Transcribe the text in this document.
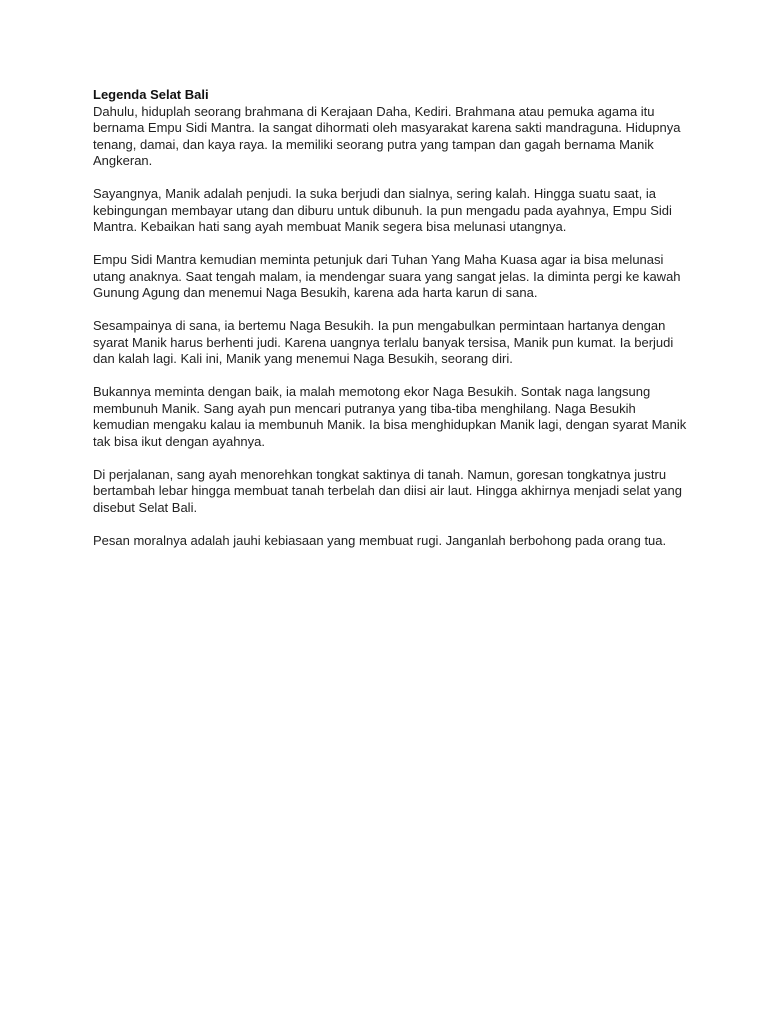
Legenda Selat Bali

Dahulu, hiduplah seorang brahmana di Kerajaan Daha, Kediri. Brahmana atau pemuka agama itu bernama Empu Sidi Mantra. Ia sangat dihormati oleh masyarakat karena sakti mandraguna. Hidupnya tenang, damai, dan kaya raya. Ia memiliki seorang putra yang tampan dan gagah bernama Manik Angkeran.

Sayangnya, Manik adalah penjudi. Ia suka berjudi dan sialnya, sering kalah. Hingga suatu saat, ia kebingungan membayar utang dan diburu untuk dibunuh. Ia pun mengadu pada ayahnya, Empu Sidi Mantra. Kebaikan hati sang ayah membuat Manik segera bisa melunasi utangnya.

Empu Sidi Mantra kemudian meminta petunjuk dari Tuhan Yang Maha Kuasa agar ia bisa melunasi utang anaknya. Saat tengah malam, ia mendengar suara yang sangat jelas. Ia diminta pergi ke kawah Gunung Agung dan menemui Naga Besukih, karena ada harta karun di sana.

Sesampainya di sana, ia bertemu Naga Besukih. Ia pun mengabulkan permintaan hartanya dengan syarat Manik harus berhenti judi. Karena uangnya terlalu banyak tersisa, Manik pun kumat. Ia berjudi dan kalah lagi. Kali ini, Manik yang menemui Naga Besukih, seorang diri.

Bukannya meminta dengan baik, ia malah memotong ekor Naga Besukih. Sontak naga langsung membunuh Manik. Sang ayah pun mencari putranya yang tiba-tiba menghilang. Naga Besukih kemudian mengaku kalau ia membunuh Manik. Ia bisa menghidupkan Manik lagi, dengan syarat Manik tak bisa ikut dengan ayahnya.

Di perjalanan, sang ayah menorehkan tongkat saktinya di tanah. Namun, goresan tongkatnya justru bertambah lebar hingga membuat tanah terbelah dan diisi air laut. Hingga akhirnya menjadi selat yang disebut Selat Bali.

Pesan moralnya adalah jauhi kebiasaan yang membuat rugi. Janganlah berbohong pada orang tua.
